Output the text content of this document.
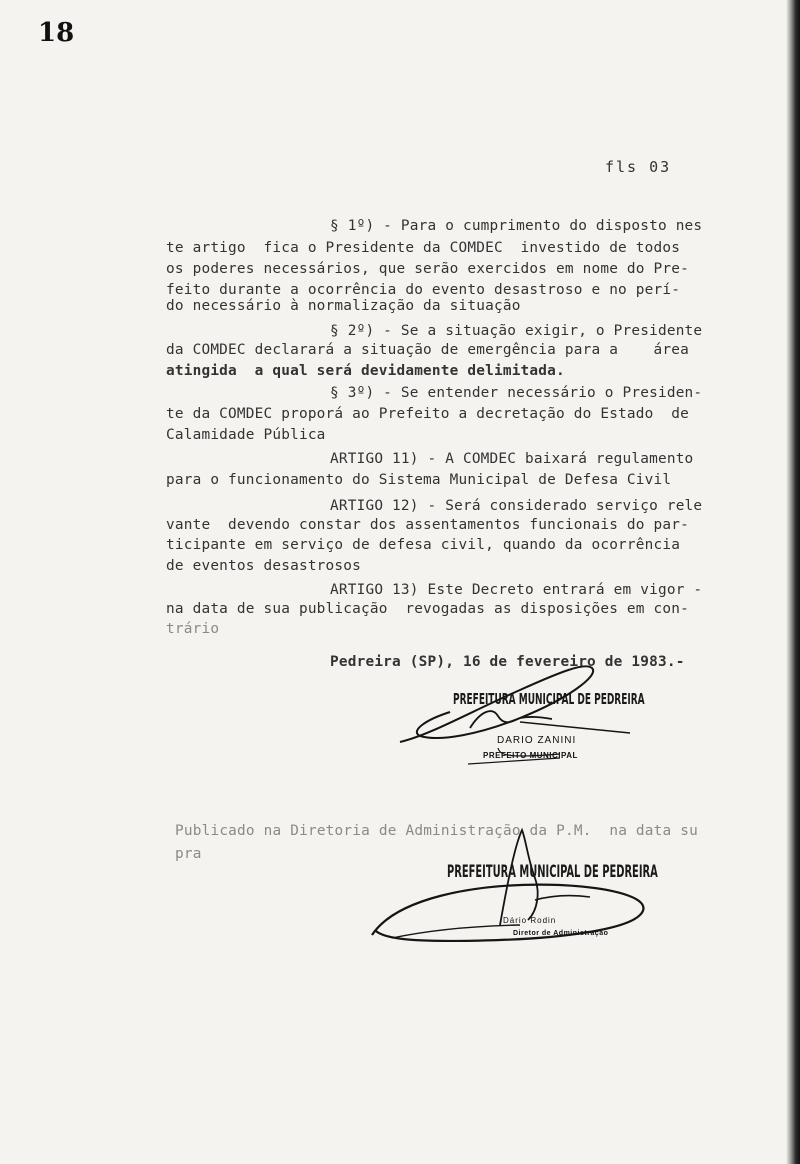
18
fls 03
§ 1º) - Para o cumprimento do disposto nes
te artigo  fica o Presidente da COMDEC  investido de todos
os poderes necessários, que serão exercidos em nome do Pre-
feito durante a ocorrência do evento desastroso e no perí-
do necessário à normalização da situação
§ 2º) - Se a situação exigir, o Presidente
da COMDEC declarará a situação de emergência para a    área
atingida  a qual será devidamente delimitada.
§ 3º) - Se entender necessário o Presiden-
te da COMDEC proporá ao Prefeito a decretação do Estado  de
Calamidade Pública
ARTIGO 11) - A COMDEC baixará regulamento
para o funcionamento do Sistema Municipal de Defesa Civil
ARTIGO 12) - Será considerado serviço rele
vante  devendo constar dos assentamentos funcionais do par-
ticipante em serviço de defesa civil, quando da ocorrência
de eventos desastrosos
ARTIGO 13) Este Decreto entrará em vigor -
na data de sua publicação  revogadas as disposições em con-
trário
Pedreira (SP), 16 de fevereiro de 1983.-
PREFEITURA MUNICIPAL DE PEDREIRA
DARIO ZANINI
PREFEITO MUNICIPAL
Publicado na Diretoria de Administração da P.M.  na data su
pra
PREFEITURA MUNICIPAL DE PEDREIRA
Dário Rodin
Diretor de Administração
